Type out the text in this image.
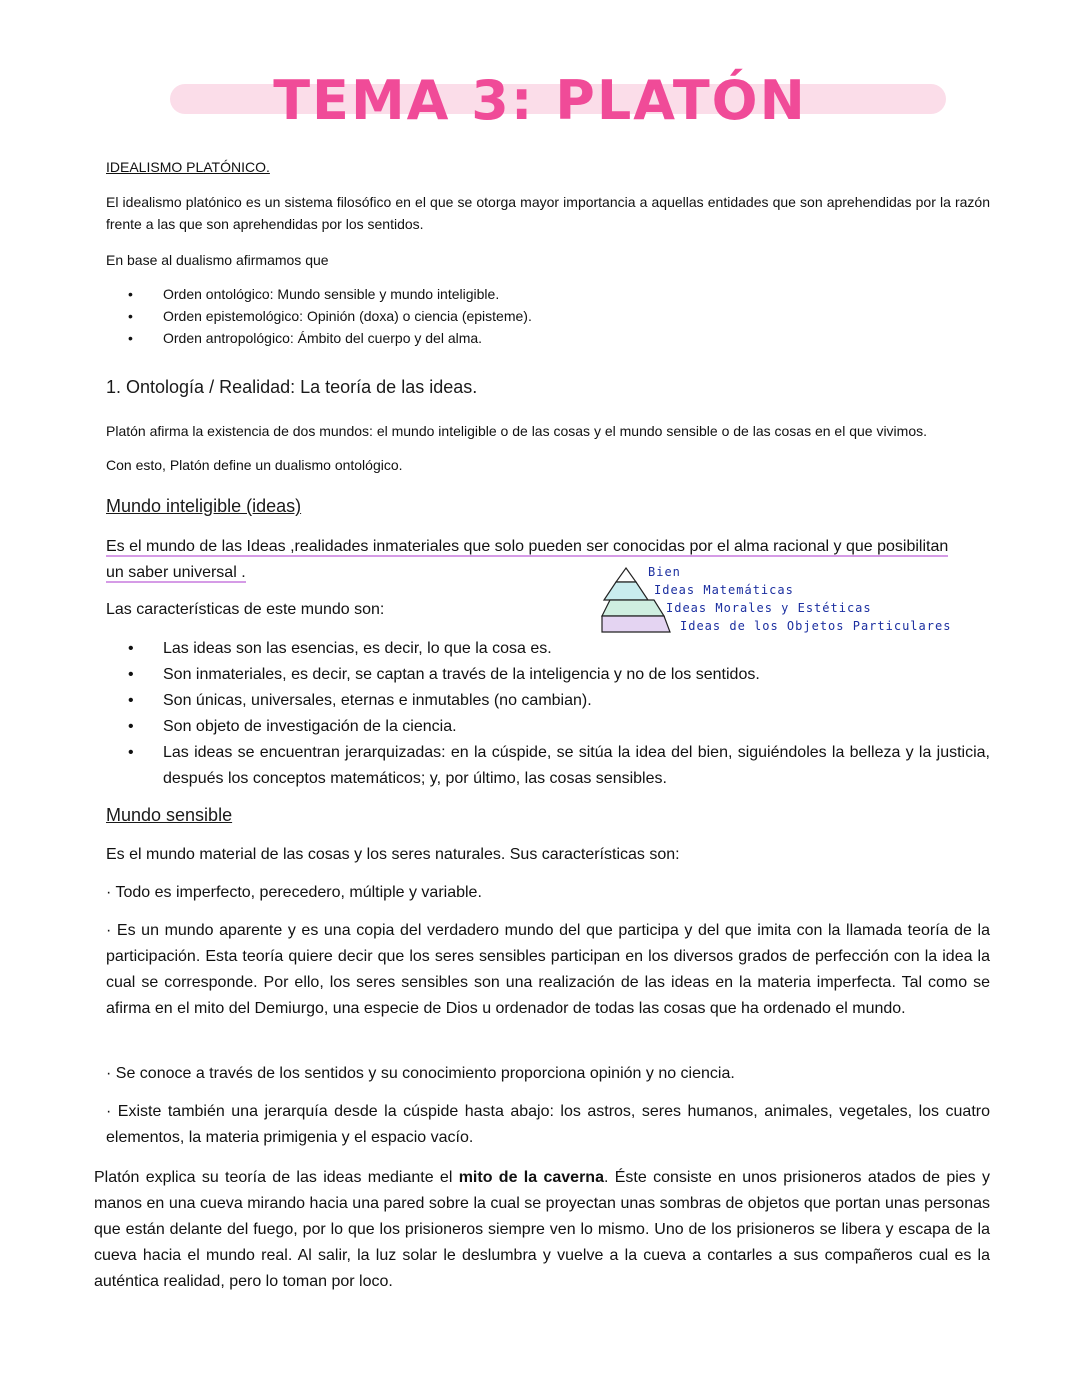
TEMA 3: PLATÓN
IDEALISMO PLATÓNICO.
El idealismo platónico es un sistema filosófico en el que se otorga mayor importancia a aquellas entidades que son aprehendidas por la razón frente a las que son aprehendidas por los sentidos.
En base al dualismo afirmamos que
• Orden ontológico: Mundo sensible y mundo inteligible.
• Orden epistemológico: Opinión (doxa) o ciencia (episteme).
• Orden antropológico: Ámbito del cuerpo y del alma.
1. Ontología / Realidad: La teoría de las ideas.
Platón afirma la existencia de dos mundos: el mundo inteligible o de las cosas y el mundo sensible o de las cosas en el que vivimos.
Con esto, Platón define un dualismo ontológico.
Mundo inteligible (ideas)
Es el mundo de las Ideas ,realidades inmateriales que solo pueden ser conocidas por el alma racional y que posibilitan
un saber universal .
Las características de este mundo son:
Bien
Ideas Matemáticas
Ideas Morales y Estéticas
Ideas de los Objetos Particulares
• Las ideas son las esencias, es decir, lo que la cosa es.
• Son inmateriales, es decir, se captan a través de la inteligencia y no de los sentidos.
• Son únicas, universales, eternas e inmutables (no cambian).
• Son objeto de investigación de la ciencia.
• Las ideas se encuentran jerarquizadas: en la cúspide, se sitúa la idea del bien, siguiéndoles la belleza y la justicia, después los conceptos matemáticos; y, por último, las cosas sensibles.
Mundo sensible
Es el mundo material de las cosas y los seres naturales. Sus características son:
· Todo es imperfecto, perecedero, múltiple y variable.
· Es un mundo aparente y es una copia del verdadero mundo del que participa y del que imita con la llamada teoría de la participación. Esta teoría quiere decir que los seres sensibles participan en los diversos grados de perfección con la idea la cual se corresponde. Por ello, los seres sensibles son una realización de las ideas en la materia imperfecta. Tal como se afirma en el mito del Demiurgo, una especie de Dios u ordenador de todas las cosas que ha ordenado el mundo.
· Se conoce a través de los sentidos y su conocimiento proporciona opinión y no ciencia.
· Existe también una jerarquía desde la cúspide hasta abajo: los astros, seres humanos, animales, vegetales, los cuatro elementos, la materia primigenia y el espacio vacío.
Platón explica su teoría de las ideas mediante el mito de la caverna. Éste consiste en unos prisioneros atados de pies y manos en una cueva mirando hacia una pared sobre la cual se proyectan unas sombras de objetos que portan unas personas que están delante del fuego, por lo que los prisioneros siempre ven lo mismo. Uno de los prisioneros se libera y escapa de la cueva hacia el mundo real. Al salir, la luz solar le deslumbra y vuelve a la cueva a contarles a sus compañeros cual es la auténtica realidad, pero lo toman por loco.
